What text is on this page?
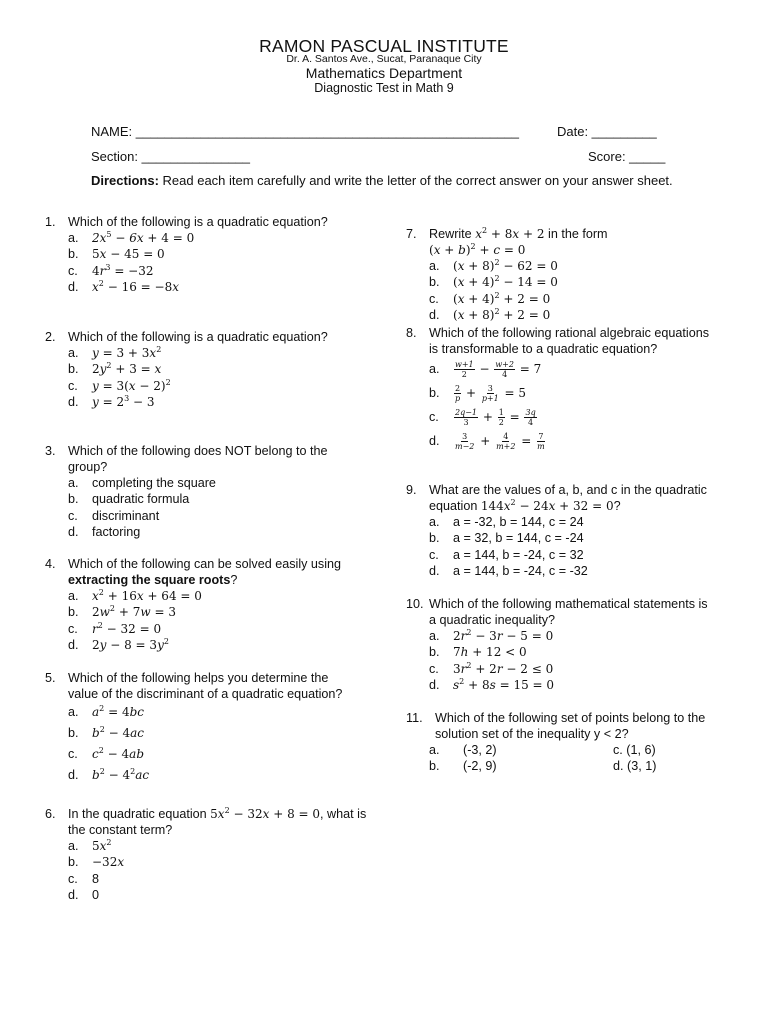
RAMON PASCUAL INSTITUTE
Dr. A. Santos Ave., Sucat, Paranaque City
Mathematics Department
Diagnostic Test in Math 9
NAME: _____________________________________________________	Date: _________
Section: _______________	Score: _____
Directions: Read each item carefully and write the letter of the correct answer on your answer sheet.
1. Which of the following is a quadratic equation?
a.	$2x^5 - 6x + 4 = 0$
b.	5x − 45 = 0
c.	$4r^3 = -32$
d.	$x^2 - 16 = -8x$
2. Which of the following is a quadratic equation?
a.	$y = 3 + 3x^2$
b.	$2y^2 + 3 = x$
c.	$y = 3(x - 2)^2$
d.	$y = 2^3 - 3$
3. Which of the following does NOT belong to the group?
a.	completing the square
b.	quadratic formula
c.	discriminant
d.	factoring
4. Which of the following can be solved easily using extracting the square roots?
a.	$x^2 + 16x + 64 = 0$
b.	$2w^2 + 7w = 3$
c.	$r^2 - 32 = 0$
d.	$2y - 8 = 3y^2$
5. Which of the following helps you determine the value of the discriminant of a quadratic equation?
a.	$a^2 = 4bc$
b.	$b^2 - 4ac$
c.	$c^2 - 4ab$
d.	$b^2 - 4^2ac$
6. In the quadratic equation $5x^2 - 32x + 8 = 0$, what is the constant term?
a.	$5x^2$
b.	−32x
c.	8
d.	0
7. Rewrite $x^2 + 8x + 2$ in the form
$(x + b)^2 + c = 0$
a.	$(x + 8)^2 - 62 = 0$
b.	$(x + 4)^2 - 14 = 0$
c.	$(x + 4)^2 + 2 = 0$
d.	$(x + 8)^2 + 2 = 0$
8. Which of the following rational algebraic equations is transformable to a quadratic equation?
a.	$\frac{w+1}{2} - \frac{w+2}{4} = 7$
b.	$\frac{2}{p} + \frac{3}{p+1} = 5$
c.	$\frac{2q-1}{3} + \frac{1}{2} = \frac{3q}{4}$
d.	$\frac{3}{m-2} + \frac{4}{m+2} = \frac{7}{m}$
9. What are the values of a, b, and c in the quadratic equation $144x^2 - 24x + 32 = 0$?
a.	a = -32, b = 144, c = 24
b.	a = 32, b = 144, c = -24
c.	a = 144, b = -24, c = 32
d.	a = 144, b = -24, c = -32
10. Which of the following mathematical statements is a quadratic inequality?
a.	$2r^2 - 3r - 5 = 0$
b.	7h + 12 < 0
c.	$3r^2 + 2r - 2 \le 0$
d.	$s^2 + 8s = 15 = 0$
11. Which of the following set of points belong to the solution set of the inequality y < 2?
a.	(-3, 2)	c. (1, 6)
b.	(-2, 9)	d. (3, 1)
